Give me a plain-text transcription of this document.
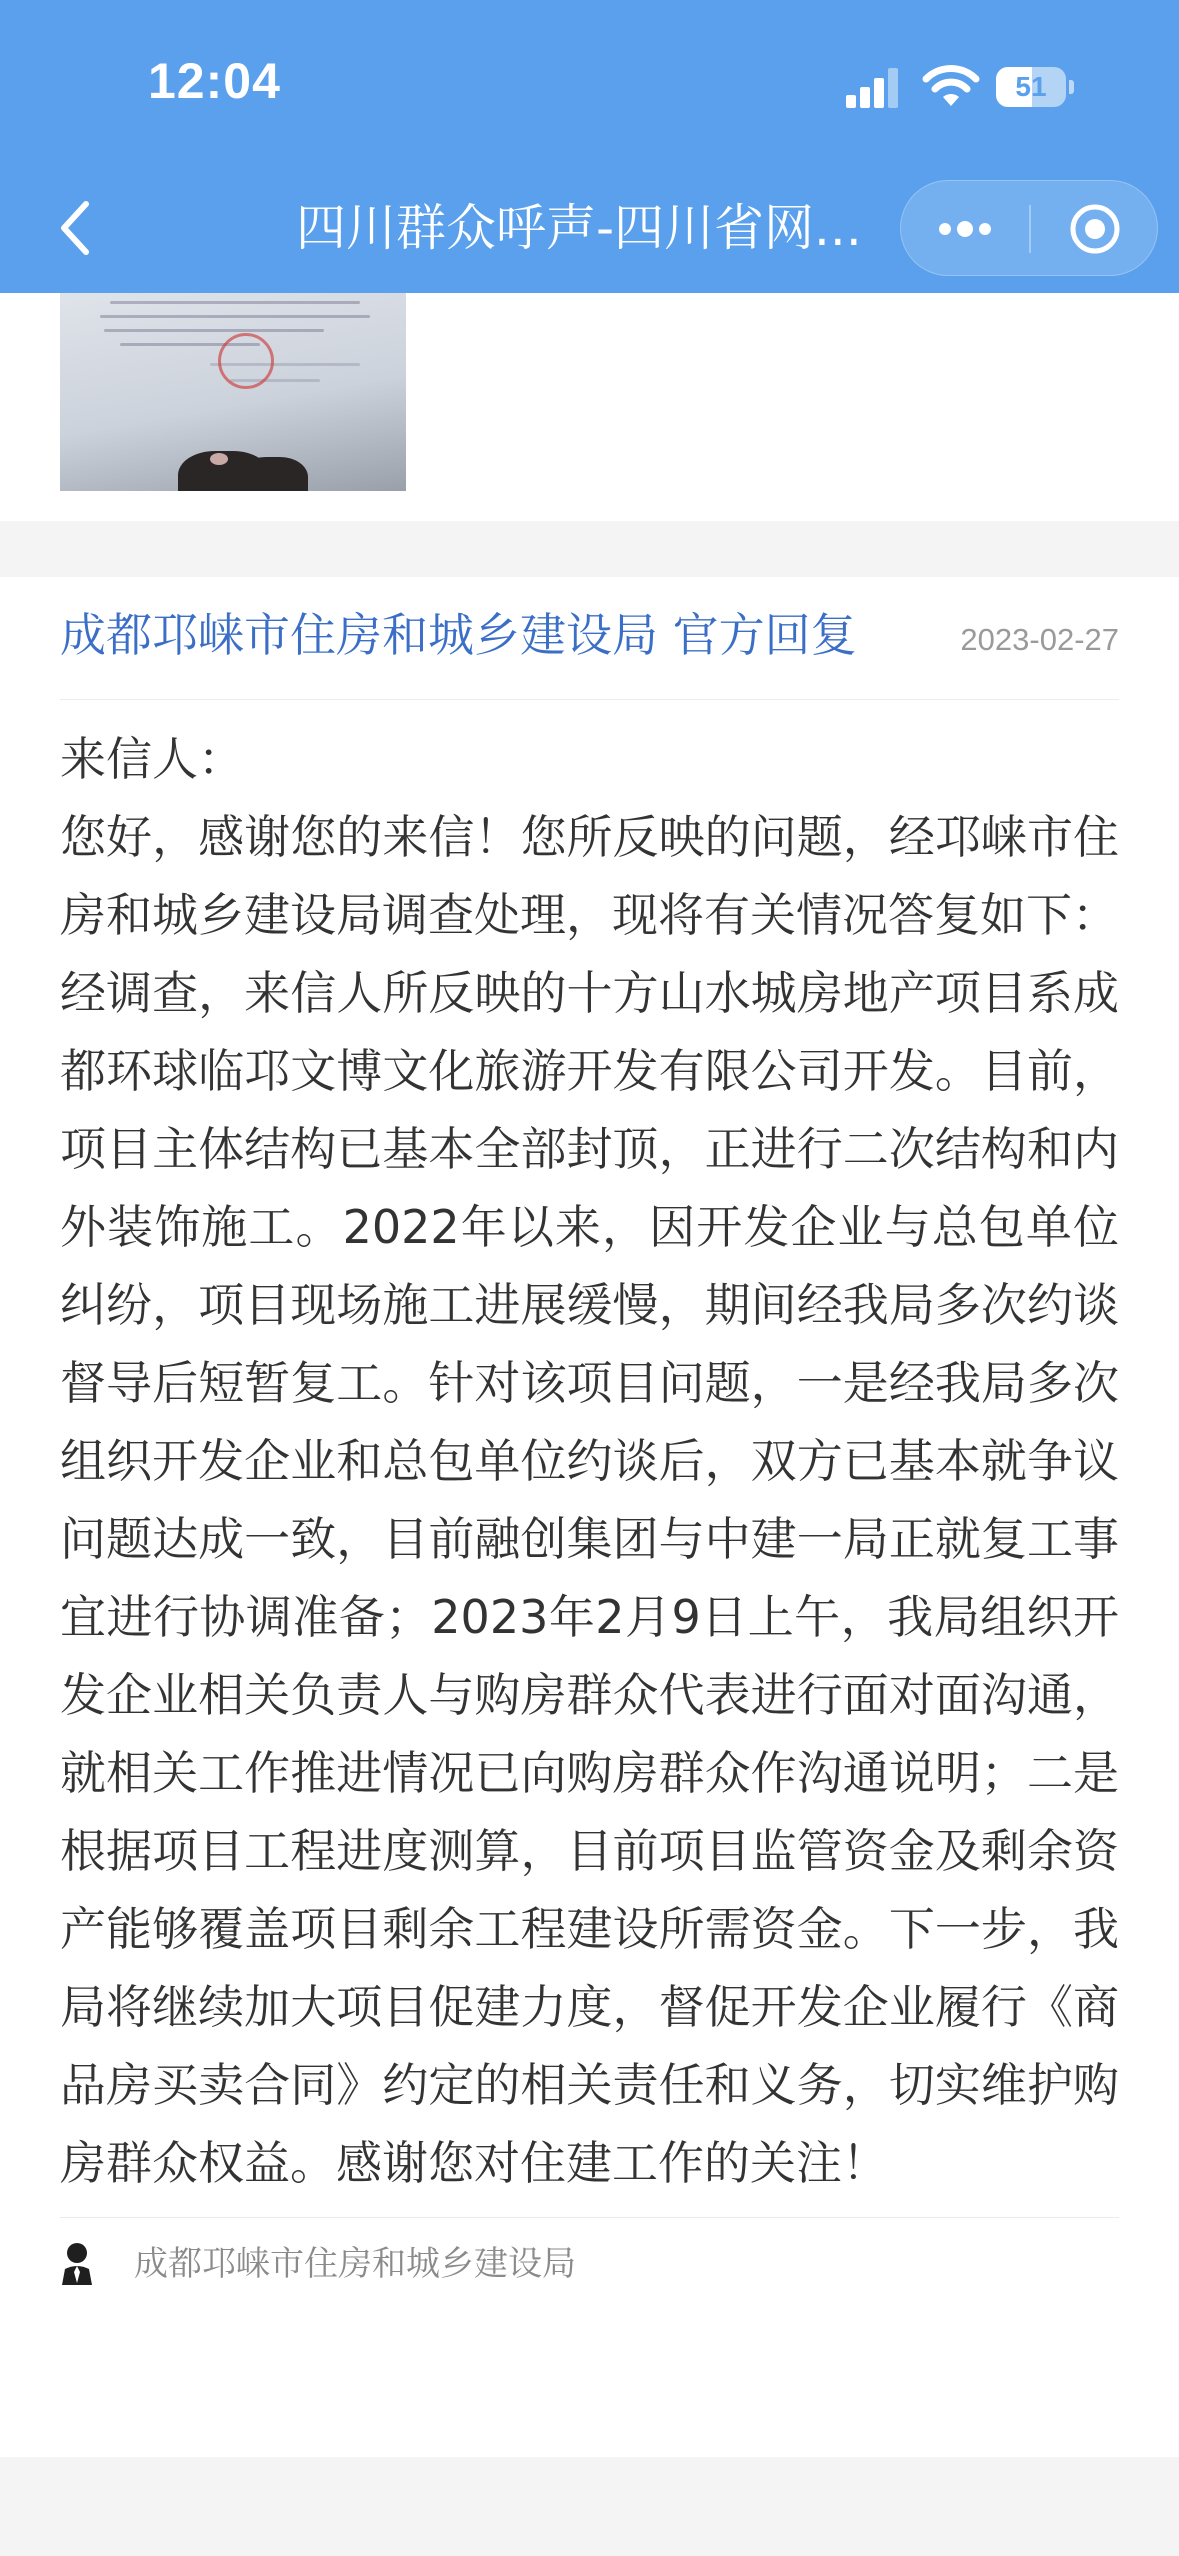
12:04	51
四川群众呼声-四川省网...
成都邛崃市住房和城乡建设局 官方回复	2023-02-27

来信人：

您好，感谢您的来信！您所反映的问题，经邛崃市住房和城乡建设局调查处理，现将有关情况答复如下：

经调查，来信人所反映的十方山水城房地产项目系成都环球临邛文博文化旅游开发有限公司开发。目前，项目主体结构已基本全部封顶，正进行二次结构和内外装饰施工。2022年以来，因开发企业与总包单位纠纷，项目现场施工进展缓慢，期间经我局多次约谈督导后短暂复工。针对该项目问题，一是经我局多次组织开发企业和总包单位约谈后，双方已基本就争议问题达成一致，目前融创集团与中建一局正就复工事宜进行协调准备；2023年2月9日上午，我局组织开发企业相关负责人与购房群众代表进行面对面沟通，就相关工作推进情况已向购房群众作沟通说明；二是根据项目工程进度测算，目前项目监管资金及剩余资产能够覆盖项目剩余工程建设所需资金。下一步，我局将继续加大项目促建力度，督促开发企业履行《商品房买卖合同》约定的相关责任和义务，切实维护购房群众权益。感谢您对住建工作的关注！

成都邛崃市住房和城乡建设局
